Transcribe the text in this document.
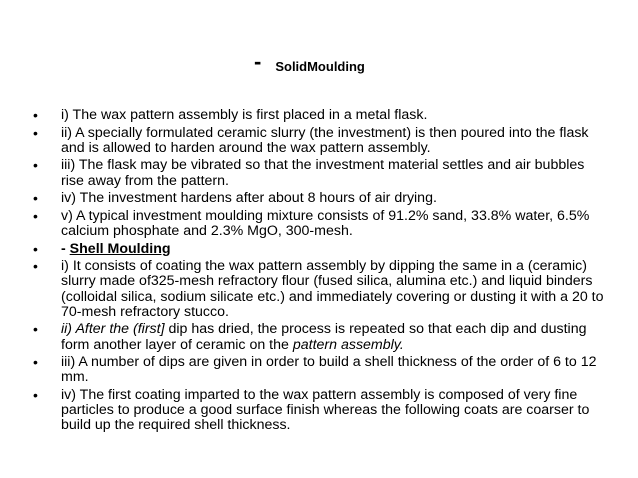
- SolidMoulding
• i) The wax pattern assembly is first placed in a metal flask.
• ii) A specially formulated ceramic slurry (the investment) is then poured into the flask and is allowed to harden around the wax pattern assembly.
• iii) The flask may be vibrated so that the investment material settles and air bubbles rise away from the pattern.
• iv) The investment hardens after about 8 hours of air drying.
• v) A typical investment moulding mixture consists of 91.2% sand, 33.8% water, 6.5% calcium phosphate and 2.3% MgO, 300-mesh.
• - Shell Moulding
• i) It consists of coating the wax pattern assembly by dipping the same in a (ceramic) slurry made of325-mesh refractory flour (fused silica, alumina etc.) and liquid binders (colloidal silica, sodium silicate etc.) and immediately covering or dusting it with a 20 to 70-mesh refractory stucco.
• ii) After the (first] dip has dried, the process is repeated so that each dip and dusting form another layer of ceramic on the pattern assembly.
• iii) A number of dips are given in order to build a shell thickness of the order of 6 to 12 mm.
• iv) The first coating imparted to the wax pattern assembly is composed of very fine particles to produce a good surface finish whereas the following coats are coarser to build up the required shell thickness.
